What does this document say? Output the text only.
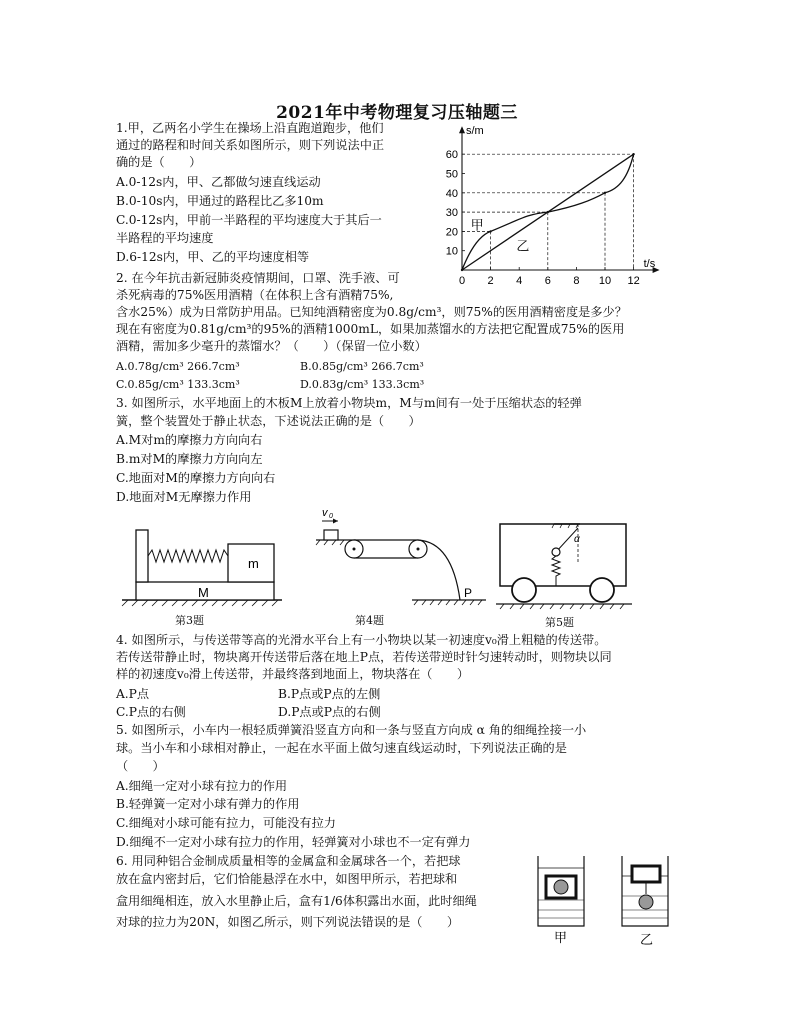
2021年中考物理复习压轴题三
1.甲，乙两名小学生在操场上沿直跑道跑步，他们
通过的路程和时间关系如图所示，则下列说法中正
确的是（　　）
A.0-12s内，甲、乙都做匀速直线运动
B.0-10s内，甲通过的路程比乙多10m
C.0-12s内，甲前一半路程的平均速度大于其后一
半路程的平均速度
D.6-12s内，甲、乙的平均速度相等
s/m
t/s
10
20
30
40
50
60
0 2 4 6 8 10 12
甲
乙
2. 在今年抗击新冠肺炎疫情期间，口罩、洗手液、可
杀死病毒的75%医用酒精（在体积上含有酒精75%,
含水25%）成为日常防护用品。已知纯酒精密度为0.8g/cm³，则75%的医用酒精密度是多少？
现在有密度为0.81g/cm³的95%的酒精1000mL，如果加蒸馏水的方法把它配置成75%的医用
酒精，需加多少毫升的蒸馏水？（　　）（保留一位小数）
A.0.78g/cm³ 266.7cm³	B.0.85g/cm³ 266.7cm³
C.0.85g/cm³ 133.3cm³	D.0.83g/cm³ 133.3cm³
3. 如图所示，水平地面上的木板M上放着小物块m，M与m间有一处于压缩状态的轻弹
簧，整个装置处于静止状态，下述说法正确的是（　　）
A.M对m的摩擦力方向向右
B.m对M的摩擦力方向向左
C.地面对M的摩擦力方向向右
D.地面对M无摩擦力作用
m
M
第3题
v 0
P
第4题
α
第5题
4. 如图所示，与传送带等高的光滑水平台上有一小物块以某一初速度v₀滑上粗糙的传送带。
若传送带静止时，物块离开传送带后落在地上P点，若传送带逆时针匀速转动时，则物块以同
样的初速度v₀滑上传送带，并最终落到地面上，物块落在（　　）
A.P点	B.P点或P点的左侧
C.P点的右侧	D.P点或P点的右侧
5. 如图所示，小车内一根轻质弹簧沿竖直方向和一条与竖直方向成 α 角的细绳拴接一小
球。当小车和小球相对静止，一起在水平面上做匀速直线运动时，下列说法正确的是
（　　）
A.细绳一定对小球有拉力的作用
B.轻弹簧一定对小球有弹力的作用
C.细绳对小球可能有拉力，可能没有拉力
D.细绳不一定对小球有拉力的作用，轻弹簧对小球也不一定有弹力
6. 用同种铝合金制成质量相等的金属盒和金属球各一个，若把球
放在盒内密封后，它们恰能悬浮在水中，如图甲所示，若把球和
盒用细绳相连，放入水里静止后，盒有1/6体积露出水面，此时细绳
对球的拉力为20N，如图乙所示，则下列说法错误的是（　　）
甲	乙
